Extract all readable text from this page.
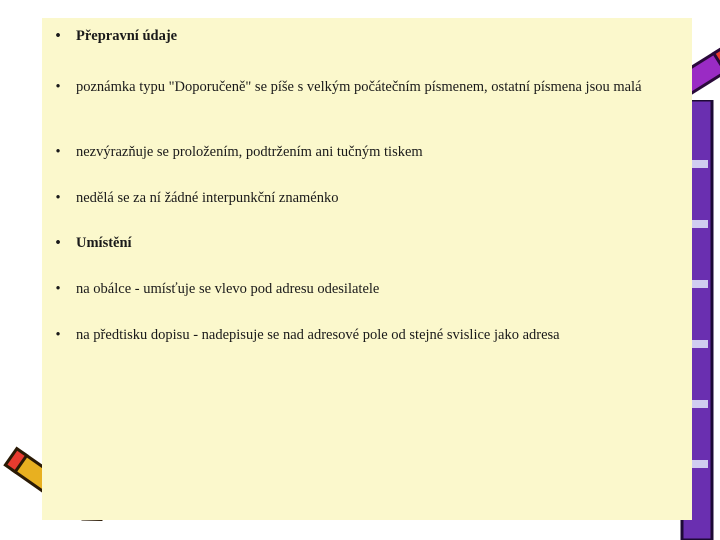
• Přepravní údaje
• poznámka typu "Doporučeně" se píše s velkým počátečním písmenem, ostatní písmena jsou malá
• nezvýrazňuje se proložením, podtržením ani tučným tiskem
• nedělá se za ní žádné interpunkční znaménko
• Umístění
• na obálce - umísťuje se vlevo pod adresu odesilatele
• na předtisku dopisu - nadepisuje se nad adresové pole od stejné svislice jako adresa
